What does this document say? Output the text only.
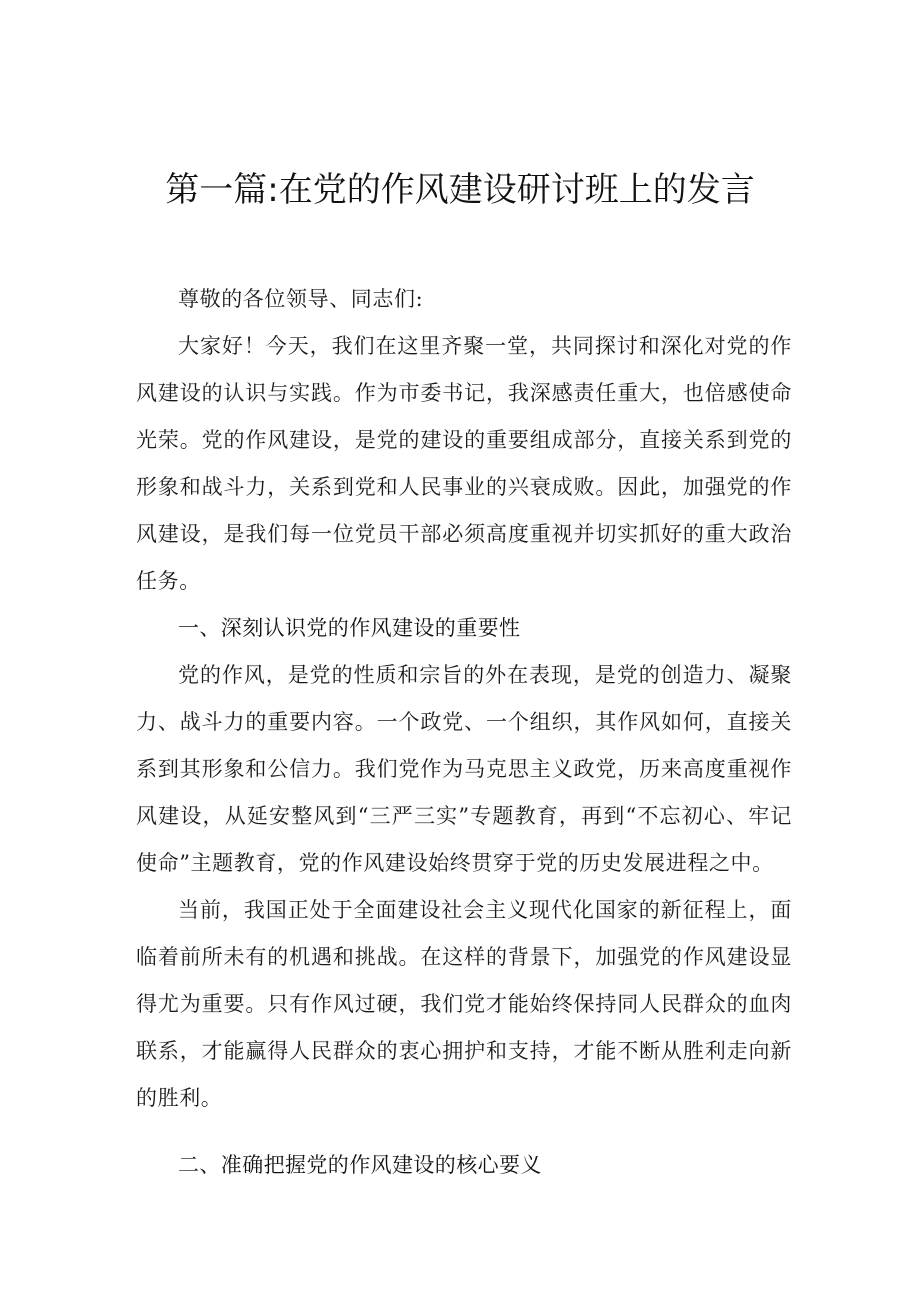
第一篇:在党的作风建设研讨班上的发言

尊敬的各位领导、同志们:

大家好！今天，我们在这里齐聚一堂，共同探讨和深化对党的作风建设的认识与实践。作为市委书记，我深感责任重大，也倍感使命光荣。党的作风建设，是党的建设的重要组成部分，直接关系到党的形象和战斗力，关系到党和人民事业的兴衰成败。因此，加强党的作风建设，是我们每一位党员干部必须高度重视并切实抓好的重大政治任务。

一、深刻认识党的作风建设的重要性

党的作风，是党的性质和宗旨的外在表现，是党的创造力、凝聚力、战斗力的重要内容。一个政党、一个组织，其作风如何，直接关系到其形象和公信力。我们党作为马克思主义政党，历来高度重视作风建设，从延安整风到“三严三实”专题教育，再到“不忘初心、牢记使命”主题教育，党的作风建设始终贯穿于党的历史发展进程之中。

当前，我国正处于全面建设社会主义现代化国家的新征程上，面临着前所未有的机遇和挑战。在这样的背景下，加强党的作风建设显得尤为重要。只有作风过硬，我们党才能始终保持同人民群众的血肉联系，才能赢得人民群众的衷心拥护和支持，才能不断从胜利走向新的胜利。

二、准确把握党的作风建设的核心要义
